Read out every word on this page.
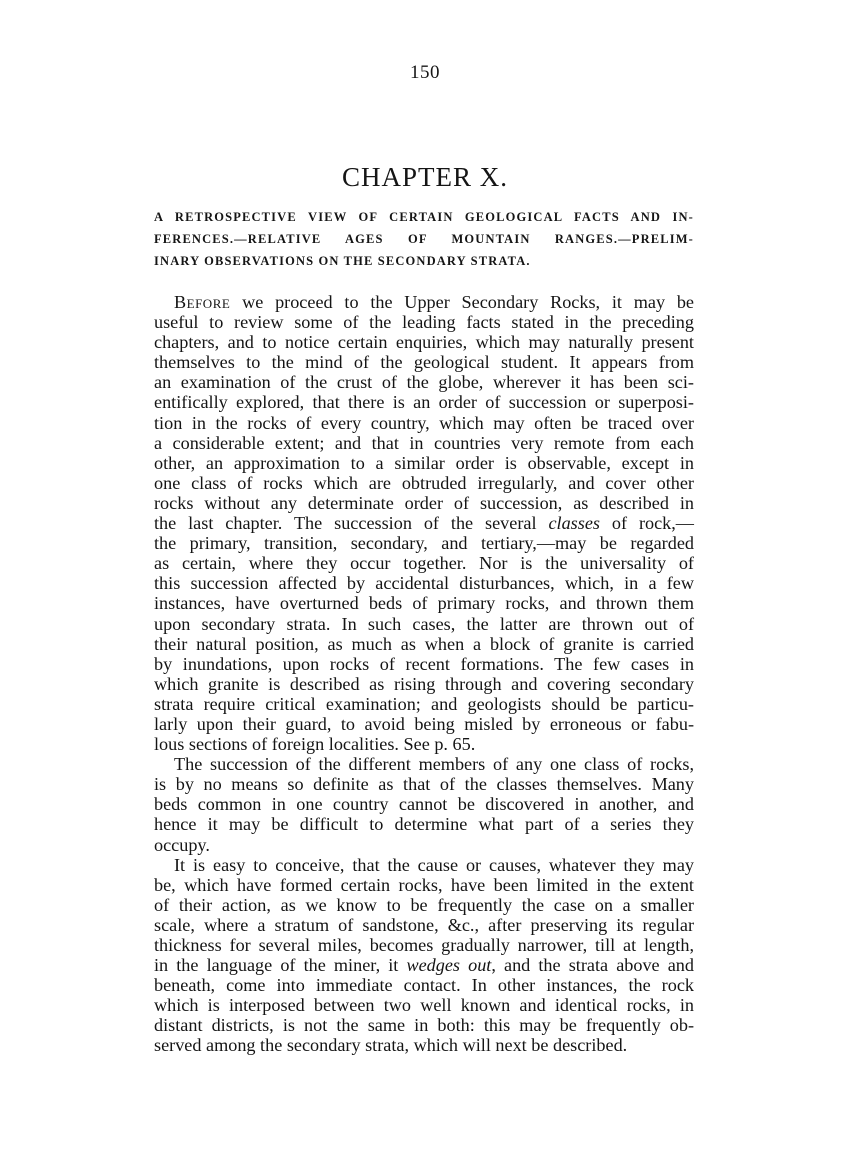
150
CHAPTER X.
A RETROSPECTIVE VIEW OF CERTAIN GEOLOGICAL FACTS AND IN-
FERENCES.—RELATIVE AGES OF MOUNTAIN RANGES.—PRELIM-
INARY OBSERVATIONS ON THE SECONDARY STRATA.
Before we proceed to the Upper Secondary Rocks, it may be
useful to review some of the leading facts stated in the preceding
chapters, and to notice certain enquiries, which may naturally present
themselves to the mind of the geological student. It appears from
an examination of the crust of the globe, wherever it has been sci-
entifically explored, that there is an order of succession or superposi-
tion in the rocks of every country, which may often be traced over
a considerable extent; and that in countries very remote from each
other, an approximation to a similar order is observable, except in
one class of rocks which are obtruded irregularly, and cover other
rocks without any determinate order of succession, as described in
the last chapter. The succession of the several classes of rock,—
the primary, transition, secondary, and tertiary,—may be regarded
as certain, where they occur together. Nor is the universality of
this succession affected by accidental disturbances, which, in a few
instances, have overturned beds of primary rocks, and thrown them
upon secondary strata. In such cases, the latter are thrown out of
their natural position, as much as when a block of granite is carried
by inundations, upon rocks of recent formations. The few cases in
which granite is described as rising through and covering secondary
strata require critical examination; and geologists should be particu-
larly upon their guard, to avoid being misled by erroneous or fabu-
lous sections of foreign localities. See p. 65.
The succession of the different members of any one class of rocks,
is by no means so definite as that of the classes themselves. Many
beds common in one country cannot be discovered in another, and
hence it may be difficult to determine what part of a series they
occupy.
It is easy to conceive, that the cause or causes, whatever they may
be, which have formed certain rocks, have been limited in the extent
of their action, as we know to be frequently the case on a smaller
scale, where a stratum of sandstone, &c., after preserving its regular
thickness for several miles, becomes gradually narrower, till at length,
in the language of the miner, it wedges out, and the strata above and
beneath, come into immediate contact. In other instances, the rock
which is interposed between two well known and identical rocks, in
distant districts, is not the same in both: this may be frequently ob-
served among the secondary strata, which will next be described.
